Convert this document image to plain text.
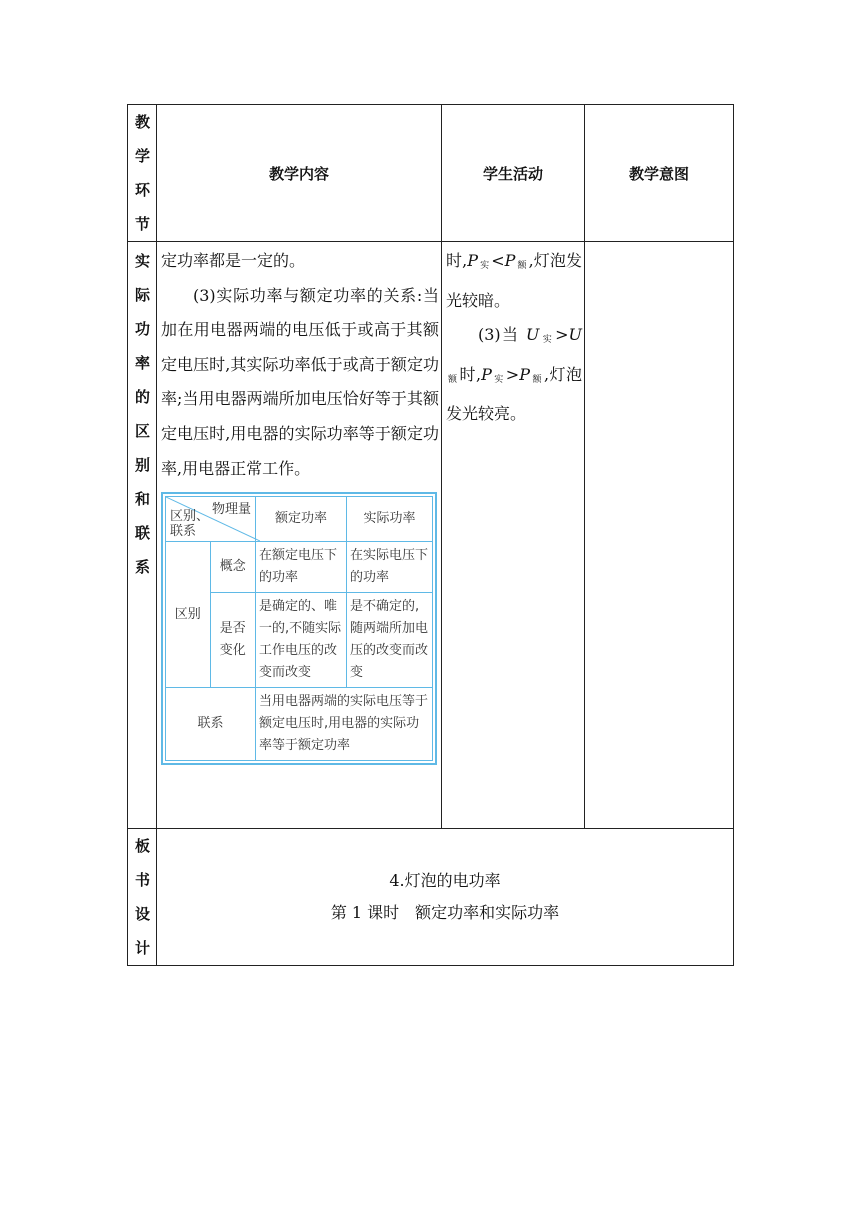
教
学
环
节
	教学内容	学生活动	教学意图

实
际
功
率
的
区
别
和
联
系

定功率都是一定的。

(3)实际功率与额定功率的关系:当加在用电器两端的电压低于或高于其额定电压时,其实际功率低于或高于额定功率;当用电器两端所加电压恰好等于其额定电压时,用电器的实际功率等于额定功率,用电器正常工作。

物理量
区别、联系
	额定功率	实际功率
区别	概念	在额定电压下的功率	在实际电压下的功率
是否变化	是确定的、唯一的,不随实际工作电压的改变而改变	是不确定的,随两端所加电压的改变而改变
联系	当用电器两端的实际电压等于额定电压时,用电器的实际功率等于额定功率

时,P $_实$ <P $_额$ ,灯泡发光较暗。

(3)当 U $_实 >U_额$ 时,P $_实$ >P $_额$ ,灯泡发光较亮。

板
书
设
计

4.灯泡的电功率
第 1 课时　额定功率和实际功率
